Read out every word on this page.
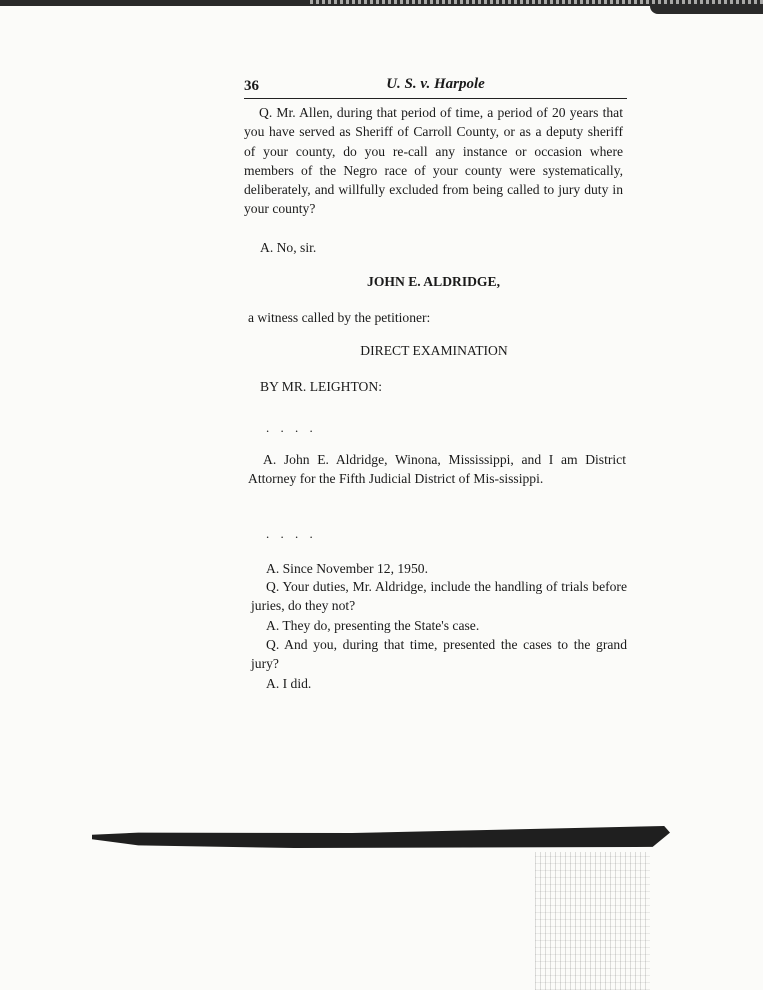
36	U. S. v. Harpole
Q. Mr. Allen, during that period of time, a period of 20 years that you have served as Sheriff of Carroll County, or as a deputy sheriff of your county, do you re-call any instance or occasion where members of the Negro race of your county were systematically, deliberately, and willfully excluded from being called to jury duty in your county?
A. No, sir.
JOHN E. ALDRIDGE,
a witness called by the petitioner:
DIRECT EXAMINATION
BY MR. LEIGHTON:
. . . .
A. John E. Aldridge, Winona, Mississippi, and I am District Attorney for the Fifth Judicial District of Mis-sissippi.
. . . .
A. Since November 12, 1950.
Q. Your duties, Mr. Aldridge, include the handling of trials before juries, do they not?
A. They do, presenting the State's case.
Q. And you, during that time, presented the cases to the grand jury?
A. I did.
